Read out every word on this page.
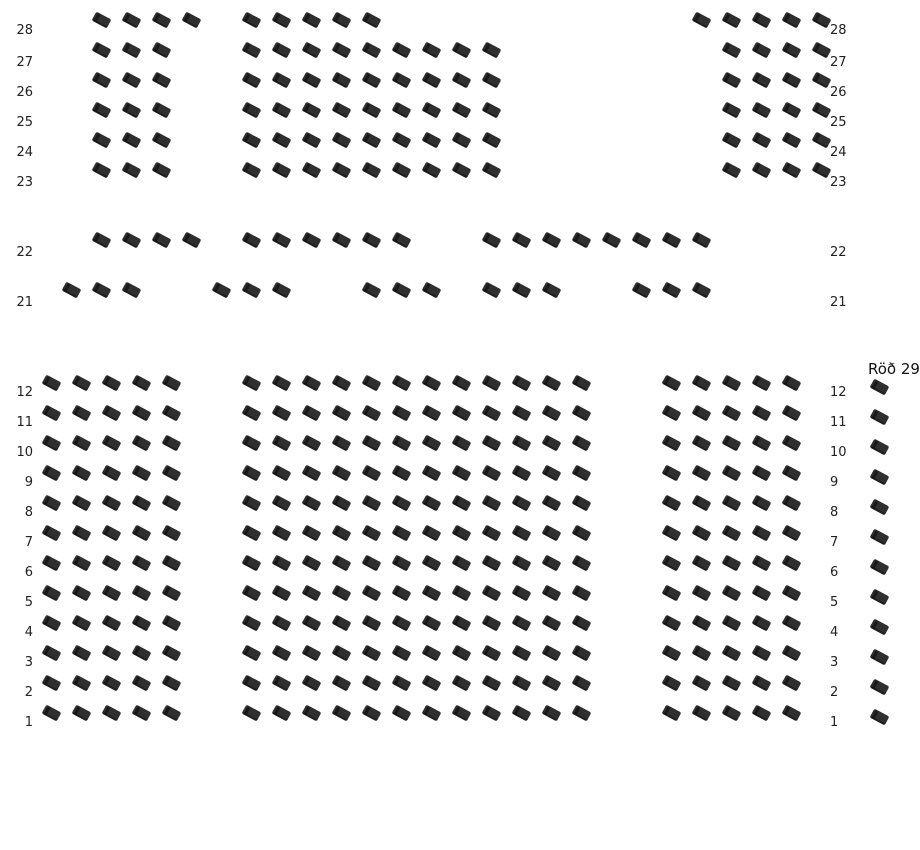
Röð 29
28	28
27	27
26	26
25	25
24	24
23	23
22	22
21	21
12	12
11	11
10	10
9	9
8	8
7	7
6	6
5	5
4	4
3	3
2	2
1	1
